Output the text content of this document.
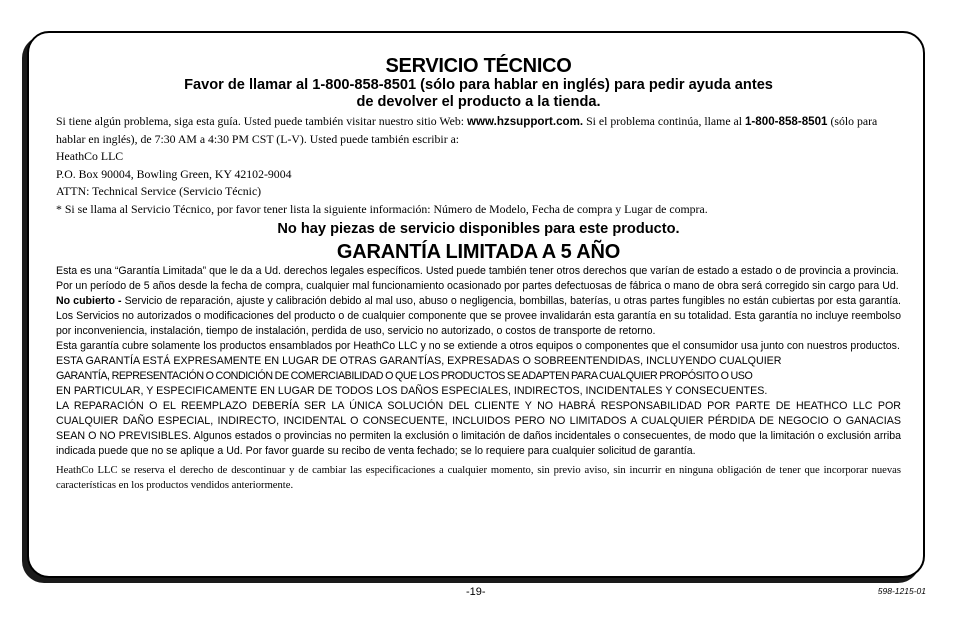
SERVICIO TÉCNICO
Favor de llamar al 1-800-858-8501 (sólo para hablar en inglés) para pedir ayuda antes
de devolver el producto a la tienda.

Si tiene algún problema, siga esta guía. Usted puede también visitar nuestro sitio Web: www.hzsupport.com. Si el problema continúa, llame al 1-800-858-8501 (sólo para hablar en inglés), de 7:30 AM a 4:30 PM CST (L-V). Usted puede también escribir a:

HeathCo LLC

P.O. Box 90004, Bowling Green, KY 42102-9004

ATTN: Technical Service (Servicio Técnic)

* Si se llama al Servicio Técnico, por favor tener lista la siguiente información: Número de Modelo, Fecha de compra y Lugar de compra.

No hay piezas de servicio disponibles para este producto.
GARANTÍA LIMITADA A 5 AÑO

Esta es una “Garantía Limitada” que le da a Ud. derechos legales específicos. Usted puede también tener otros derechos que varían de estado a estado o de provincia a provincia.

Por un período de 5 años desde la fecha de compra, cualquier mal funcionamiento ocasionado por partes defectuosas de fábrica o mano de obra será corregido sin cargo para Ud.

No cubierto - Servicio de reparación, ajuste y calibración debido al mal uso, abuso o negligencia, bombillas, baterías, u otras partes fungibles no están cubiertas por esta garantía. Los Servicios no autorizados o modificaciones del producto o de cualquier componente que se provee invalidarán esta garantía en su totalidad. Esta garantía no incluye reembolso por inconveniencia, instalación, tiempo de instalación, perdida de uso, servicio no autorizado, o costos de transporte de retorno.

Esta garantía cubre solamente los productos ensamblados por HeathCo LLC y no se extiende a otros equipos o componentes que el consumidor usa junto con nuestros productos.

ESTA GARANTÍA ESTÁ EXPRESAMENTE EN LUGAR DE OTRAS GARANTÍAS, EXPRESADAS O SOBREENTENDIDAS, INCLUYENDO CUALQUIER
GARANTÍA, REPRESENTACIÓN O CONDICIÓN DE COMERCIABILIDAD O QUE LOS PRODUCTOS SE ADAPTEN PARA CUALQUIER PROPÓSITO O USO
EN PARTICULAR, Y ESPECIFICAMENTE EN LUGAR DE TODOS LOS DAÑOS ESPECIALES, INDIRECTOS, INCIDENTALES Y CONSECUENTES.

LA REPARACIÓN O EL REEMPLAZO DEBERÍA SER LA ÚNICA SOLUCIÓN DEL CLIENTE Y NO HABRÁ RESPONSABILIDAD POR PARTE DE HEATHCO LLC POR CUALQUIER DAÑO ESPECIAL, INDIRECTO, INCIDENTAL O CONSECUENTE, INCLUIDOS PERO NO LIMITADOS A CUALQUIER PÉRDIDA DE NEGOCIO O GANACIAS SEAN O NO PREVISIBLES. Algunos estados o provincias no permiten la exclusión o limitación de daños incidentales o consecuentes, de modo que la limitación o exclusión arriba indicada puede que no se aplique a Ud. Por favor guarde su recibo de venta fechado; se lo requiere para cualquier solicitud de garantía.

HeathCo LLC se reserva el derecho de descontinuar y de cambiar las especificaciones a cualquier momento, sin previo aviso, sin incurrir en ninguna obligación de tener que incorporar nuevas características en los productos vendidos anteriormente.

-19-	598-1215-01
